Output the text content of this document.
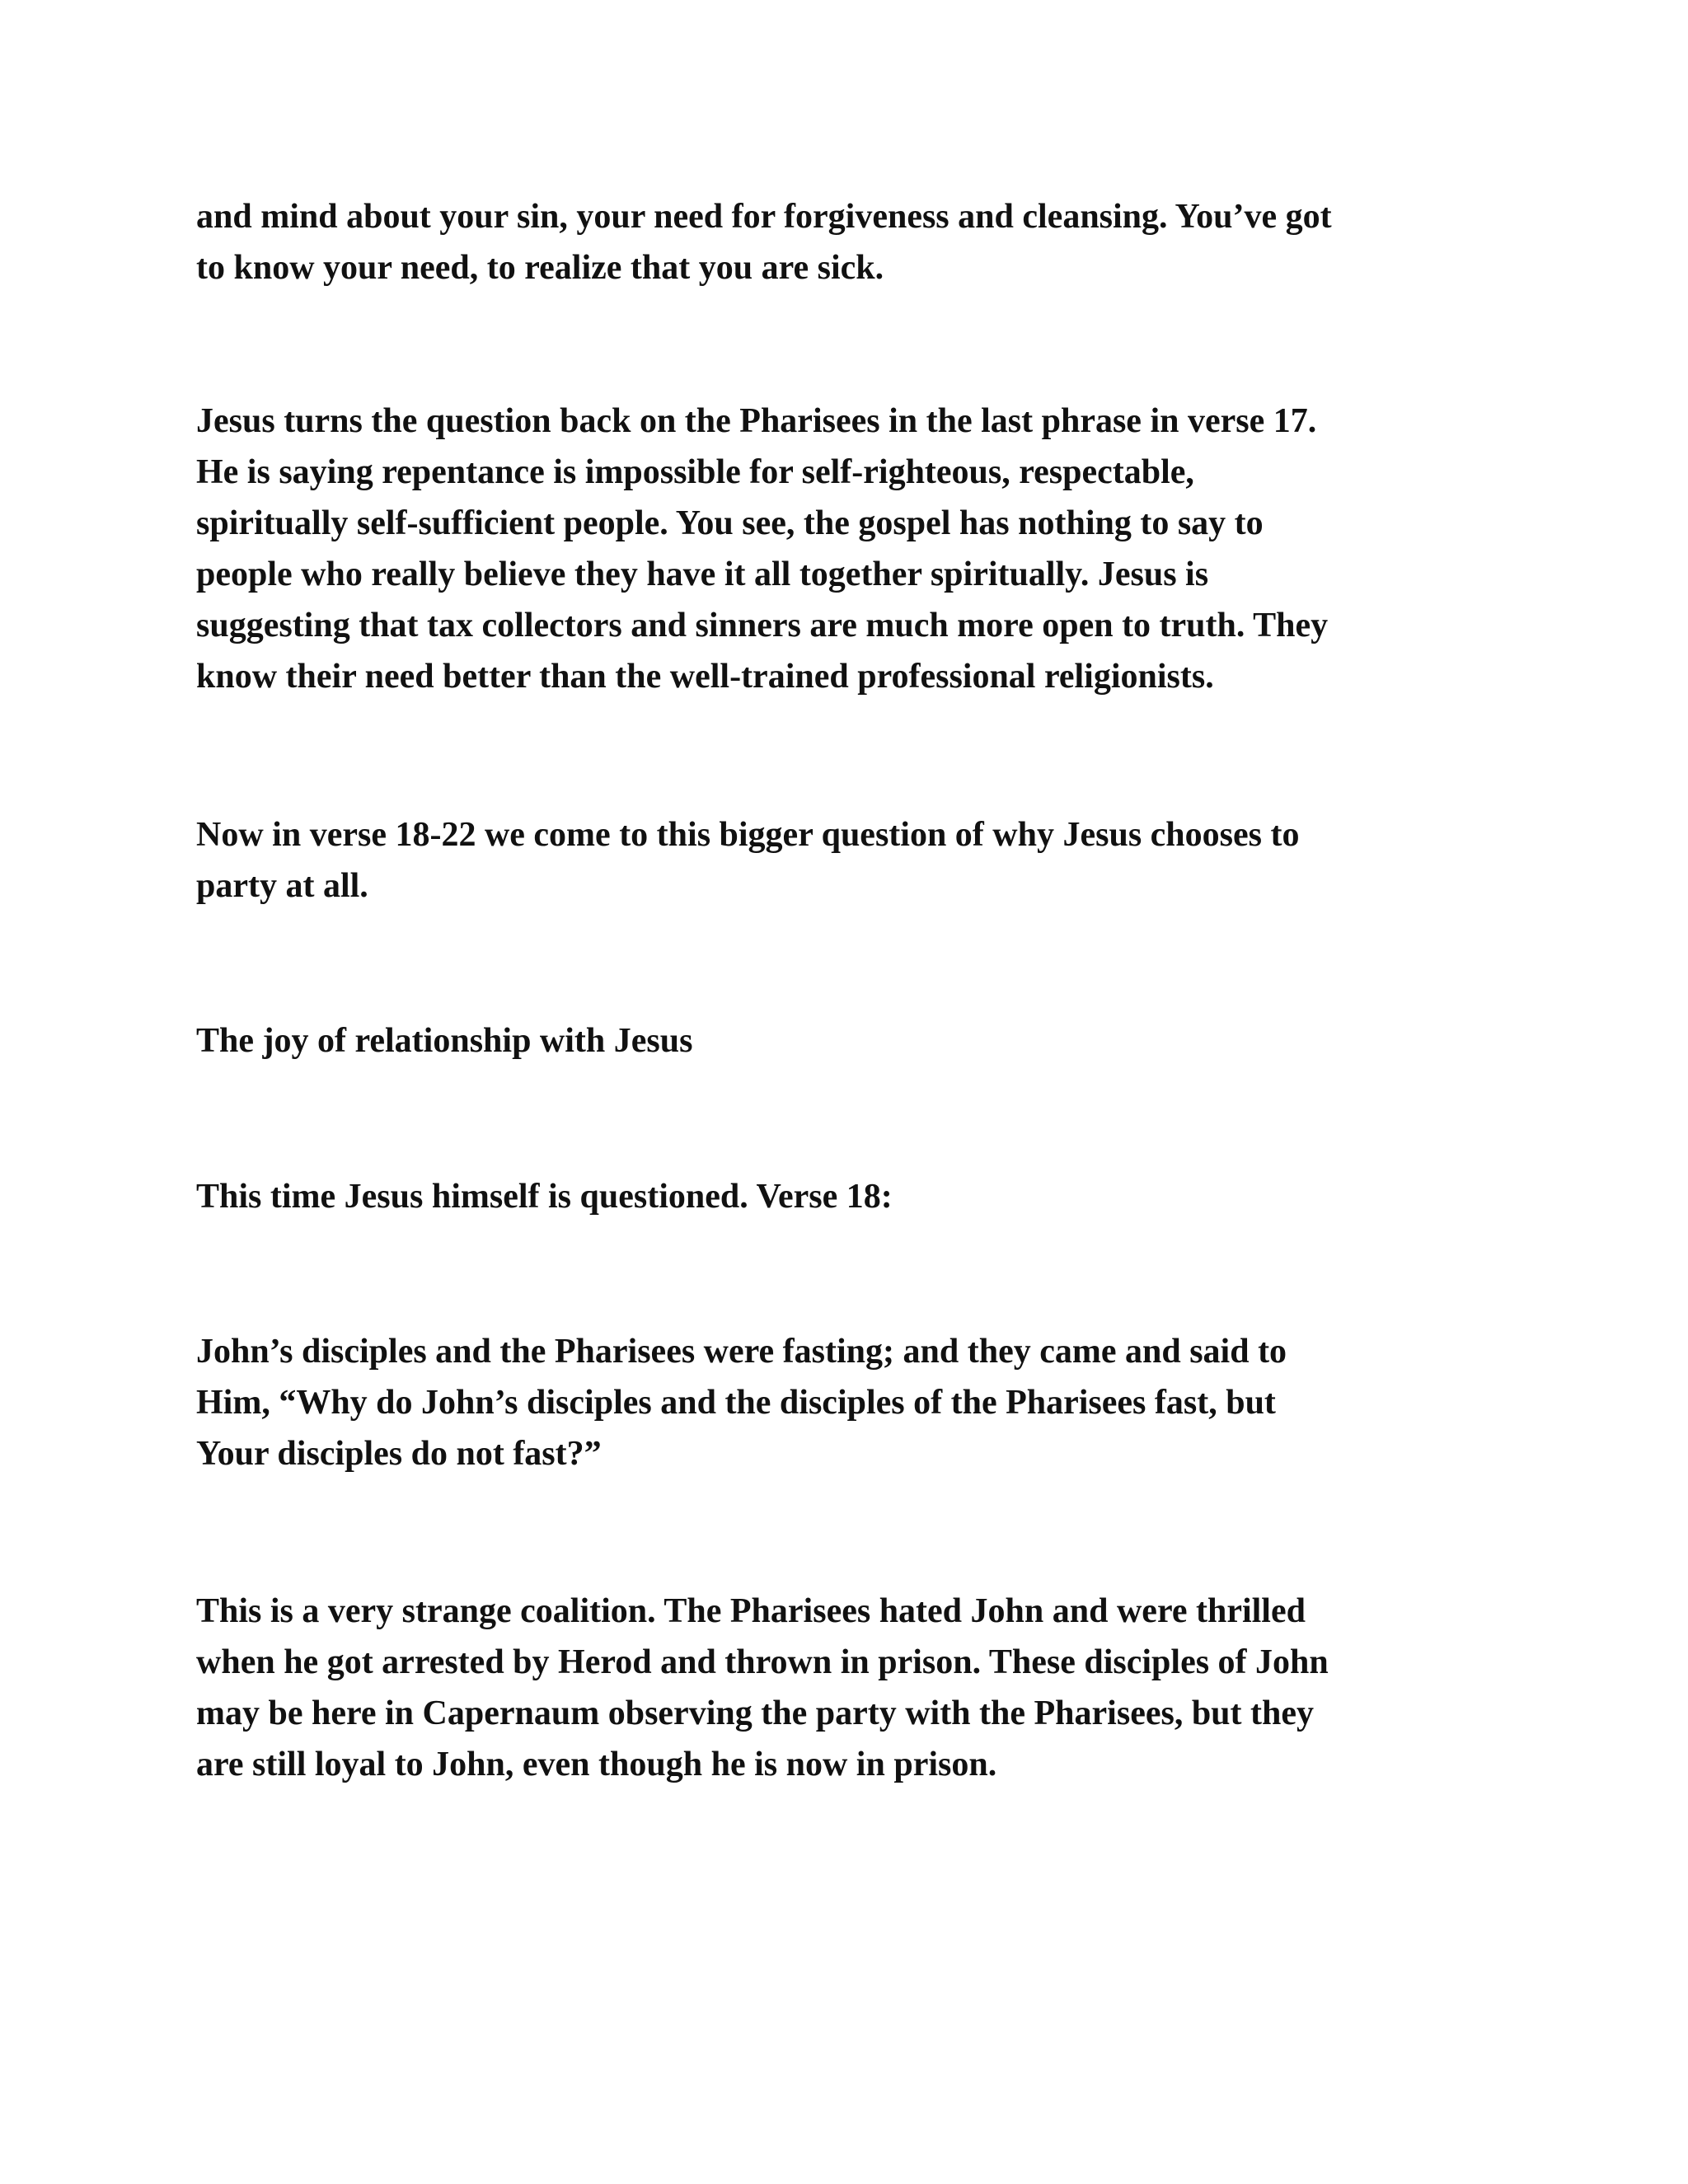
and mind about your sin, your need for forgiveness and cleansing. You’ve got
to know your need, to realize that you are sick.

Jesus turns the question back on the Pharisees in the last phrase in verse 17.
He is saying repentance is impossible for self-righteous, respectable,
spiritually self-sufficient people. You see, the gospel has nothing to say to
people who really believe they have it all together spiritually. Jesus is
suggesting that tax collectors and sinners are much more open to truth. They
know their need better than the well-trained professional religionists.

Now in verse 18-22 we come to this bigger question of why Jesus chooses to
party at all.

The joy of relationship with Jesus

This time Jesus himself is questioned. Verse 18:

John’s disciples and the Pharisees were fasting; and they came and said to
Him, “Why do John’s disciples and the disciples of the Pharisees fast, but
Your disciples do not fast?”

This is a very strange coalition. The Pharisees hated John and were thrilled
when he got arrested by Herod and thrown in prison. These disciples of John
may be here in Capernaum observing the party with the Pharisees, but they
are still loyal to John, even though he is now in prison.
